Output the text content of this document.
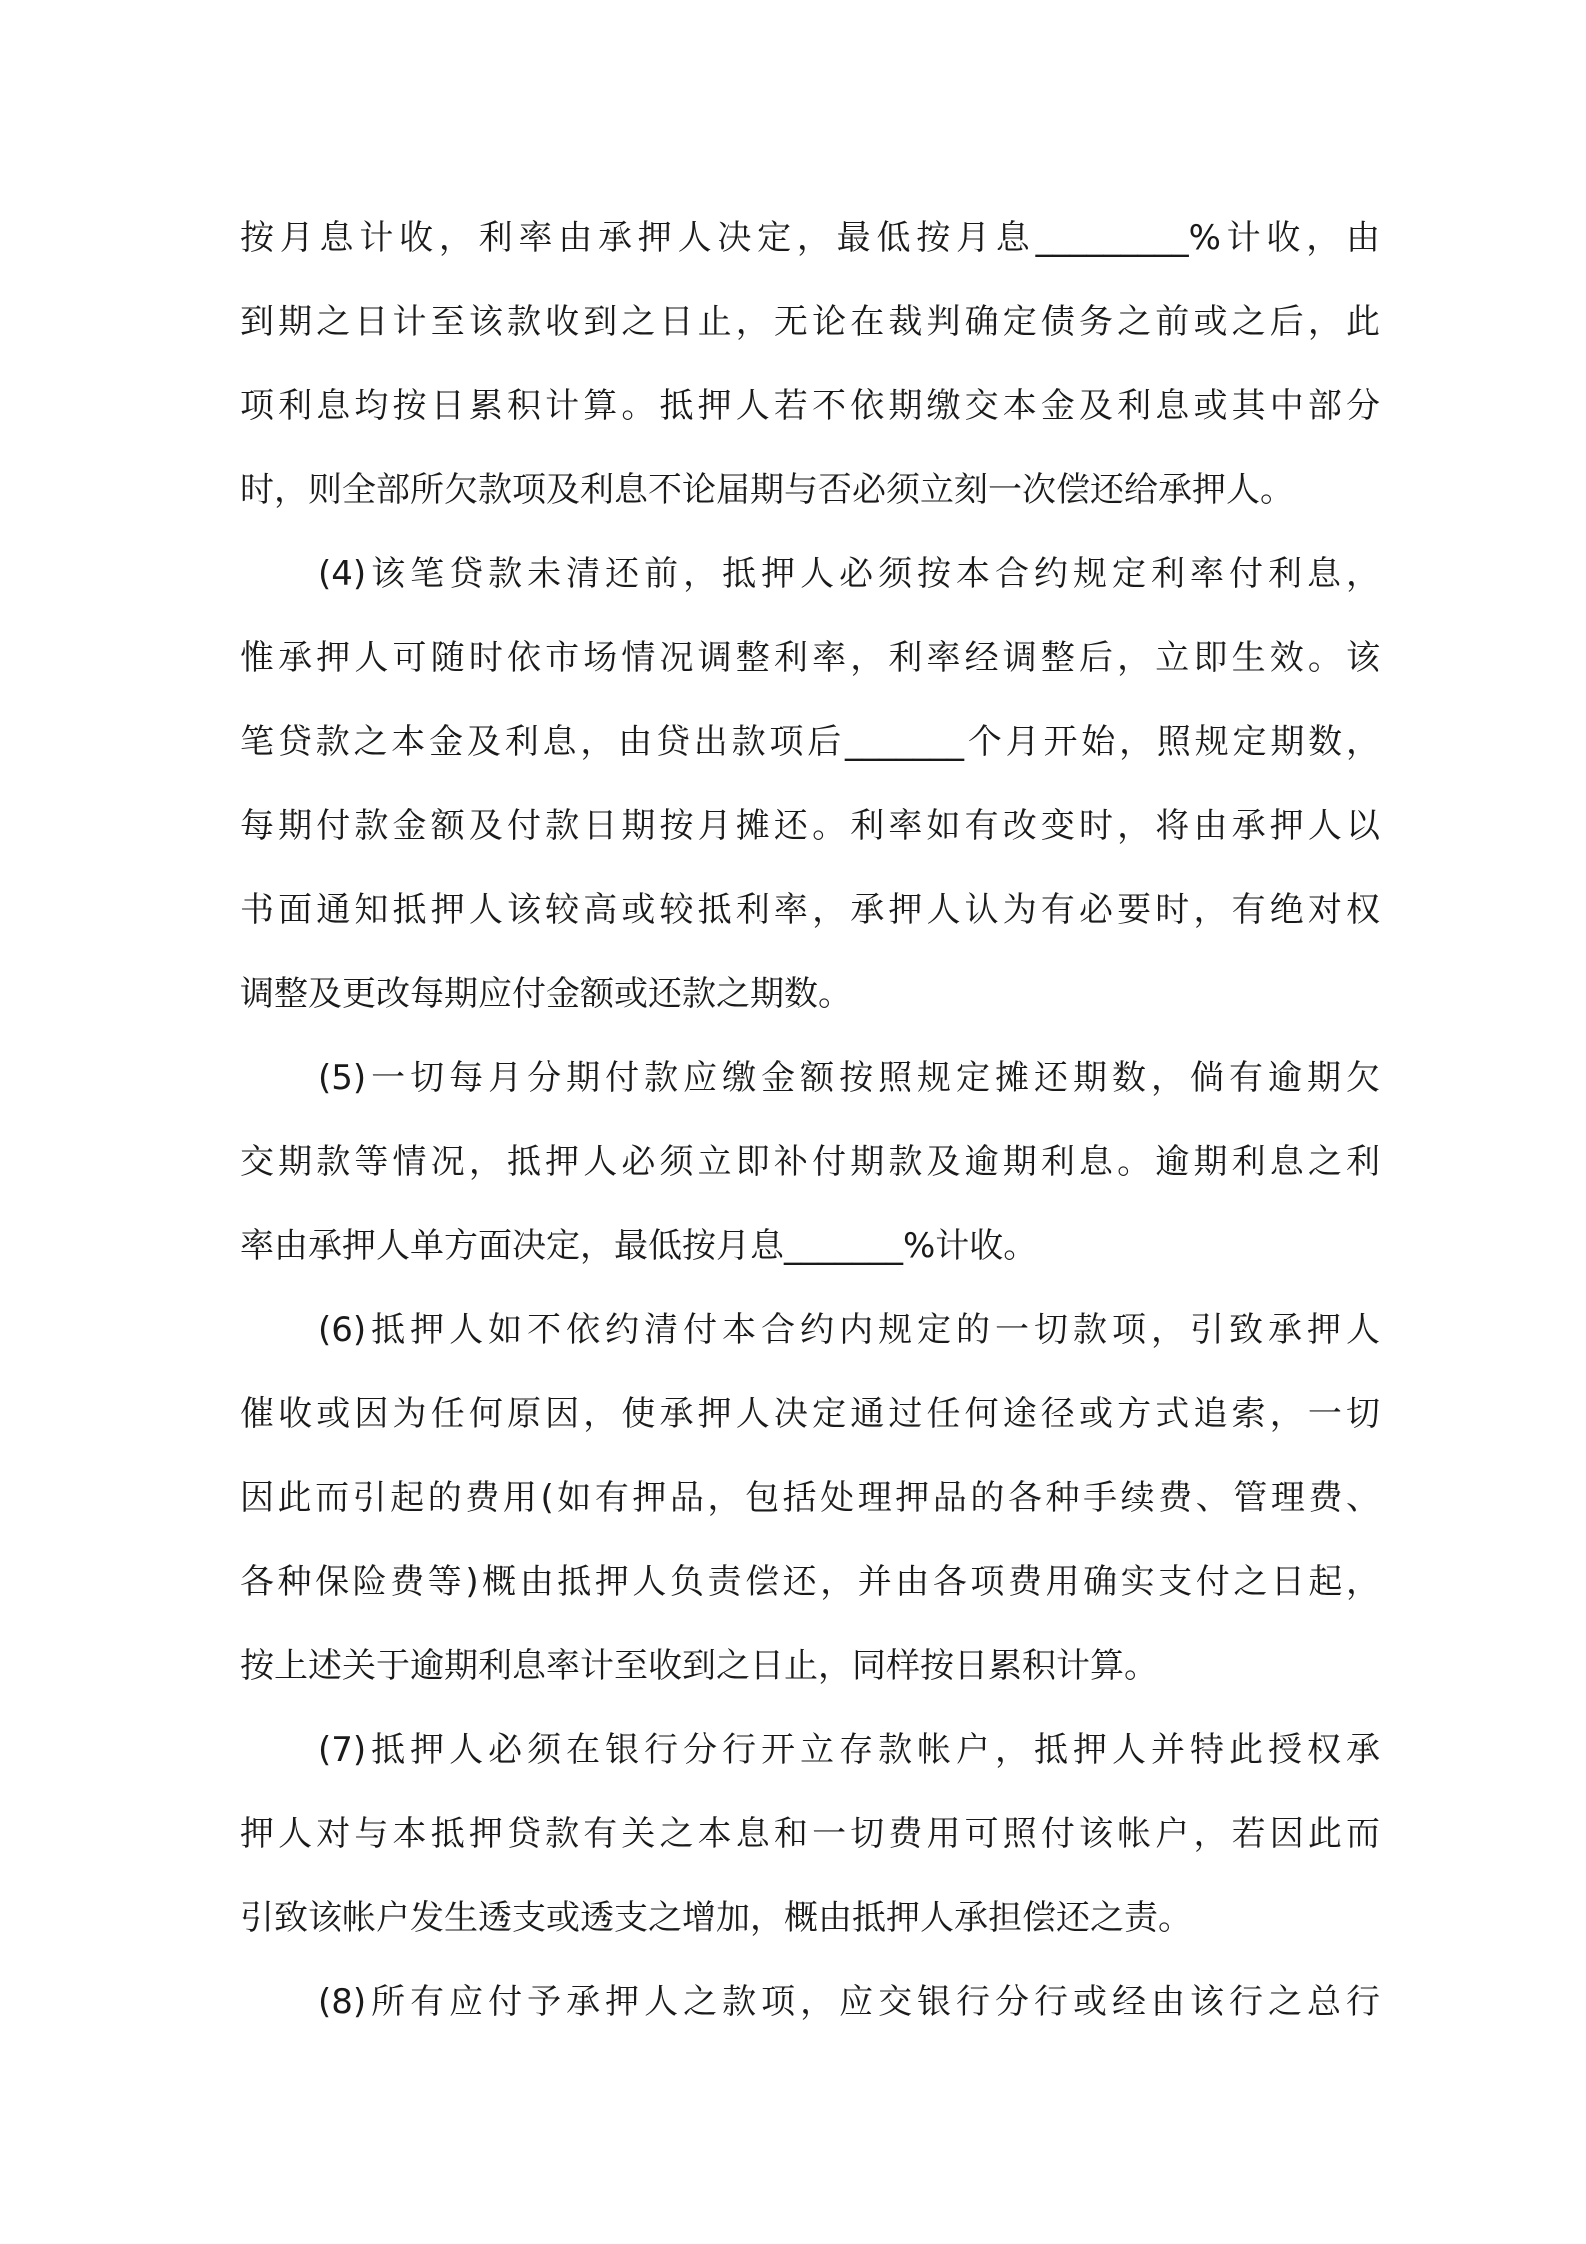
按月息计收，利率由承押人决定，最低按月息_________%计收，由
到期之日计至该款收到之日止，无论在裁判确定债务之前或之后，此
项利息均按日累积计算。抵押人若不依期缴交本金及利息或其中部分
时，则全部所欠款项及利息不论届期与否必须立刻一次偿还给承押人。
(4)该笔贷款未清还前，抵押人必须按本合约规定利率付利息，
惟承押人可随时依市场情况调整利率，利率经调整后，立即生效。该
笔贷款之本金及利息，由贷出款项后_______个月开始，照规定期数，
每期付款金额及付款日期按月摊还。利率如有改变时，将由承押人以
书面通知抵押人该较高或较抵利率，承押人认为有必要时，有绝对权
调整及更改每期应付金额或还款之期数。
(5)一切每月分期付款应缴金额按照规定摊还期数，倘有逾期欠
交期款等情况，抵押人必须立即补付期款及逾期利息。逾期利息之利
率由承押人单方面决定，最低按月息_______%计收。
(6)抵押人如不依约清付本合约内规定的一切款项，引致承押人
催收或因为任何原因，使承押人决定通过任何途径或方式追索，一切
因此而引起的费用(如有押品，包括处理押品的各种手续费、管理费、
各种保险费等)概由抵押人负责偿还，并由各项费用确实支付之日起，
按上述关于逾期利息率计至收到之日止，同样按日累积计算。
(7)抵押人必须在银行分行开立存款帐户，抵押人并特此授权承
押人对与本抵押贷款有关之本息和一切费用可照付该帐户，若因此而
引致该帐户发生透支或透支之增加，概由抵押人承担偿还之责。
(8)所有应付予承押人之款项，应交银行分行或经由该行之总行
